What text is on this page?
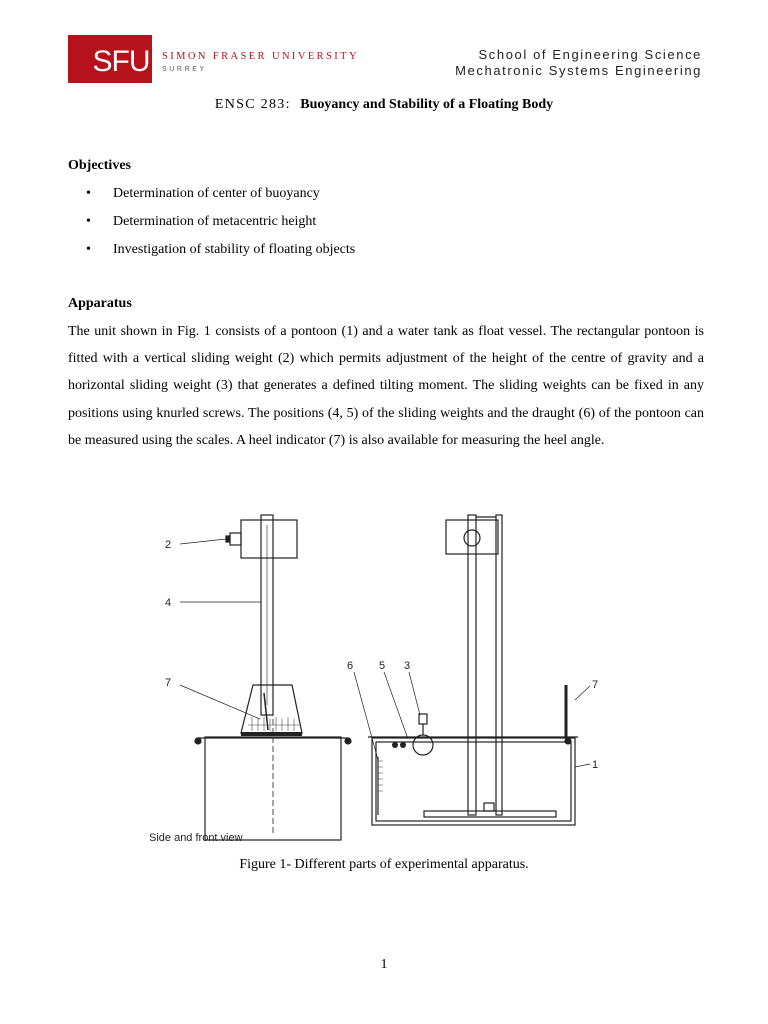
SFU SIMON FRASER UNIVERSITY
SURREY
School of Engineering Science
Mechatronic Systems Engineering
ENSC 283: Buoyancy and Stability of a Floating Body
Objectives
• Determination of center of buoyancy
• Determination of metacentric height
• Investigation of stability of floating objects
Apparatus
The unit shown in Fig. 1 consists of a pontoon (1) and a water tank as float vessel. The rectangular pontoon is fitted with a vertical sliding weight (2) which permits adjustment of the height of the centre of gravity and a horizontal sliding weight (3) that generates a defined tilting moment. The sliding weights can be fixed in any positions using knurled screws. The positions (4, 5) of the sliding weights and the draught (6) of the pontoon can be measured using the scales. A heel indicator (7) is also available for measuring the heel angle.
2
4
7
Side and front view
6 5 3
7
1
Figure 1- Different parts of experimental apparatus.
1
